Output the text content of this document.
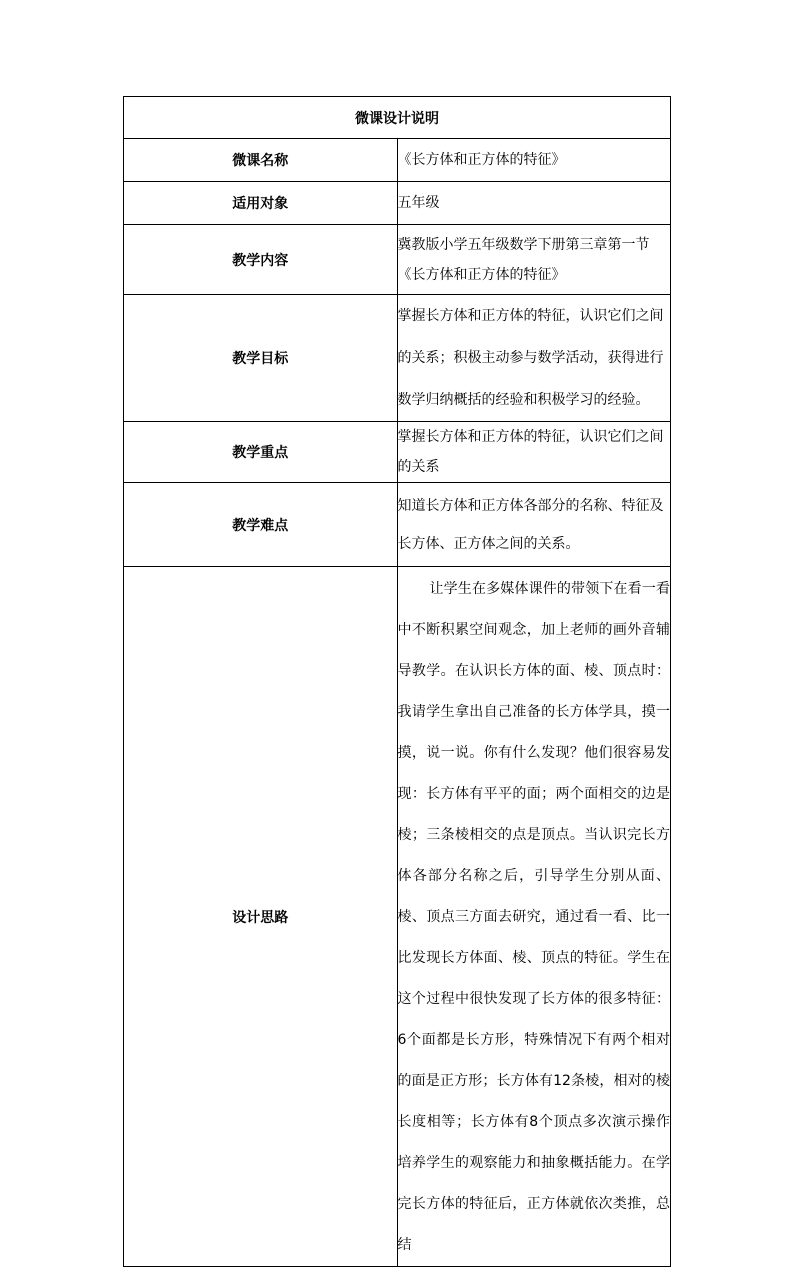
微课设计说明	
微课名称	《长方体和正方体的特征》

适用对象	五年级

教学内容	冀教版小学五年级数学下册第三章第一节《长方体和正方体的特征》

教学目标	掌握长方体和正方体的特征，认识它们之间的关系；积极主动参与数学活动，获得进行数学归纳概括的经验和积极学习的经验。

教学重点	掌握长方体和正方体的特征，认识它们之间的关系

教学难点	知道长方体和正方体各部分的名称、特征及长方体、正方体之间的关系。

设计思路	让学生在多媒体课件的带领下在看一看中不断积累空间观念，加上老师的画外音辅导教学。在认识长方体的面、棱、顶点时：我请学生拿出自己准备的长方体学具，摸一摸，说一说。你有什么发现？他们很容易发现：长方体有平平的面；两个面相交的边是棱；三条棱相交的点是顶点。当认识完长方体各部分名称之后，引导学生分别从面、棱、顶点三方面去研究，通过看一看、比一比发现长方体面、棱、顶点的特征。学生在这个过程中很快发现了长方体的很多特征：6个面都是长方形，特殊情况下有两个相对的面是正方形；长方体有12条棱，相对的棱长度相等；长方体有8个顶点多次演示操作培养学生的观察能力和抽象概括能力。在学完长方体的特征后，正方体就依次类推，总结
